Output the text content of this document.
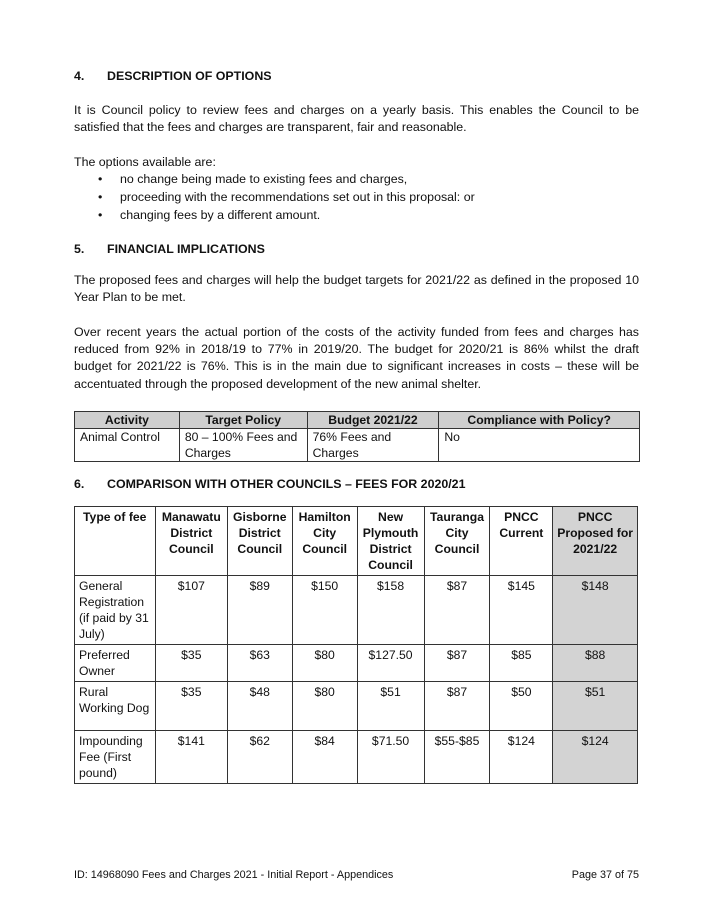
4. DESCRIPTION OF OPTIONS
It is Council policy to review fees and charges on a yearly basis. This enables the Council to be satisfied that the fees and charges are transparent, fair and reasonable.
The options available are:
• no change being made to existing fees and charges,
• proceeding with the recommendations set out in this proposal: or
• changing fees by a different amount.
5. FINANCIAL IMPLICATIONS
The proposed fees and charges will help the budget targets for 2021/22 as defined in the proposed 10 Year Plan to be met.
Over recent years the actual portion of the costs of the activity funded from fees and charges has reduced from 92% in 2018/19 to 77% in 2019/20. The budget for 2020/21 is 86% whilst the draft budget for 2021/22 is 76%. This is in the main due to significant increases in costs – these will be accentuated through the proposed development of the new animal shelter.
Activity	Target Policy	Budget 2021/22	Compliance with Policy?
Animal Control	80 – 100% Fees and Charges	76% Fees and Charges	No
6. COMPARISON WITH OTHER COUNCILS – FEES FOR 2020/21
Type of fee	Manawatu District Council	Gisborne District Council	Hamilton City Council	New Plymouth District Council	Tauranga City Council	PNCC Current	PNCC Proposed for 2021/22
General Registration (if paid by 31 July)	$107	$89	$150	$158	$87	$145	$148
Preferred Owner	$35	$63	$80	$127.50	$87	$85	$88
Rural Working Dog	$35	$48	$80	$51	$87	$50	$51
Impounding Fee (First pound)	$141	$62	$84	$71.50	$55-$85	$124	$124
ID: 14968090 Fees and Charges 2021 - Initial Report - Appendices	Page 37 of 75
